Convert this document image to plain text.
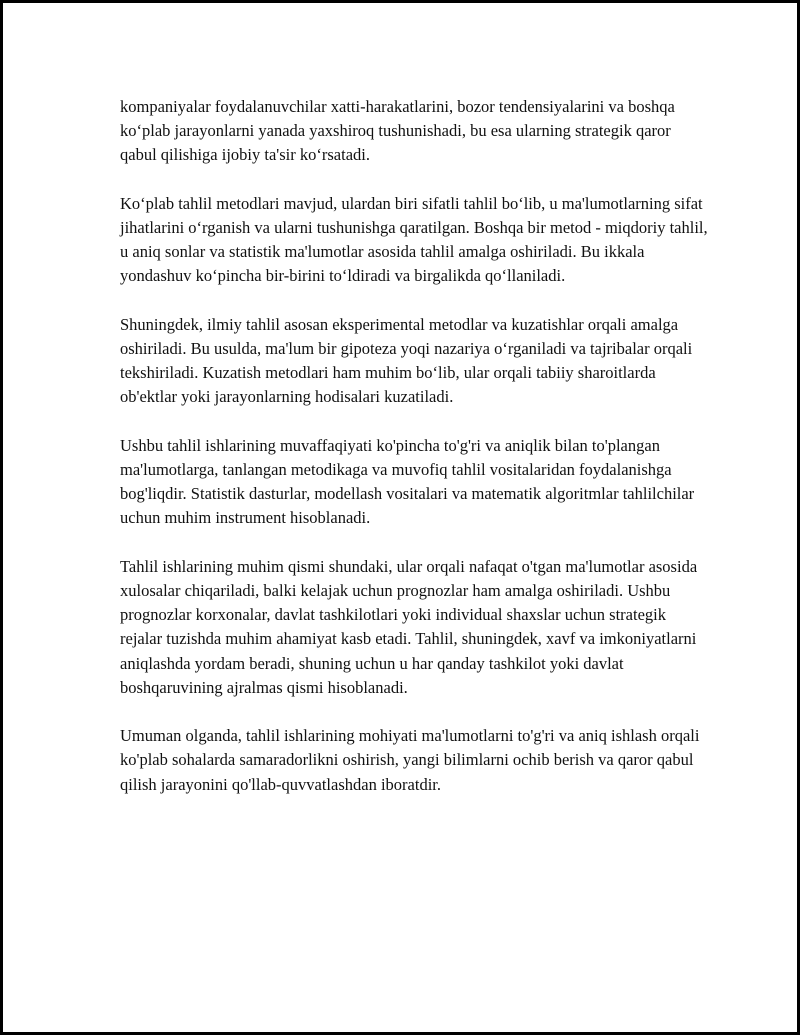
kompaniyalar foydalanuvchilar xatti-harakatlarini, bozor tendensiyalarini va boshqa ko‘plab jarayonlarni yanada yaxshiroq tushunishadi, bu esa ularning strategik qaror qabul qilishiga ijobiy ta'sir ko‘rsatadi.

Ko‘plab tahlil metodlari mavjud, ulardan biri sifatli tahlil bo‘lib, u ma'lumotlarning sifat jihatlarini o‘rganish va ularni tushunishga qaratilgan. Boshqa bir metod - miqdoriy tahlil, u aniq sonlar va statistik ma'lumotlar asosida tahlil amalga oshiriladi. Bu ikkala yondashuv ko‘pincha bir-birini to‘ldiradi va birgalikda qo‘llaniladi.

Shuningdek, ilmiy tahlil asosan eksperimental metodlar va kuzatishlar orqali amalga oshiriladi. Bu usulda, ma'lum bir gipoteza yoqi nazariya o‘rganiladi va tajribalar orqali tekshiriladi. Kuzatish metodlari ham muhim bo‘lib, ular orqali tabiiy sharoitlarda ob'ektlar yoki jarayonlarning hodisalari kuzatiladi.

Ushbu tahlil ishlarining muvaffaqiyati ko'pincha to'g'ri va aniqlik bilan to'plangan ma'lumotlarga, tanlangan metodikaga va muvofiq tahlil vositalaridan foydalanishga bog'liqdir. Statistik dasturlar, modellash vositalari va matematik algoritmlar tahlilchilar uchun muhim instrument hisoblanadi.

Tahlil ishlarining muhim qismi shundaki, ular orqali nafaqat o'tgan ma'lumotlar asosida xulosalar chiqariladi, balki kelajak uchun prognozlar ham amalga oshiriladi. Ushbu prognozlar korxonalar, davlat tashkilotlari yoki individual shaxslar uchun strategik rejalar tuzishda muhim ahamiyat kasb etadi. Tahlil, shuningdek, xavf va imkoniyatlarni aniqlashda yordam beradi, shuning uchun u har qanday tashkilot yoki davlat boshqaruvining ajralmas qismi hisoblanadi.

Umuman olganda, tahlil ishlarining mohiyati ma'lumotlarni to'g'ri va aniq ishlash orqali ko'plab sohalarda samaradorlikni oshirish, yangi bilimlarni ochib berish va qaror qabul qilish jarayonini qo'llab-quvvatlashdan iboratdir.
